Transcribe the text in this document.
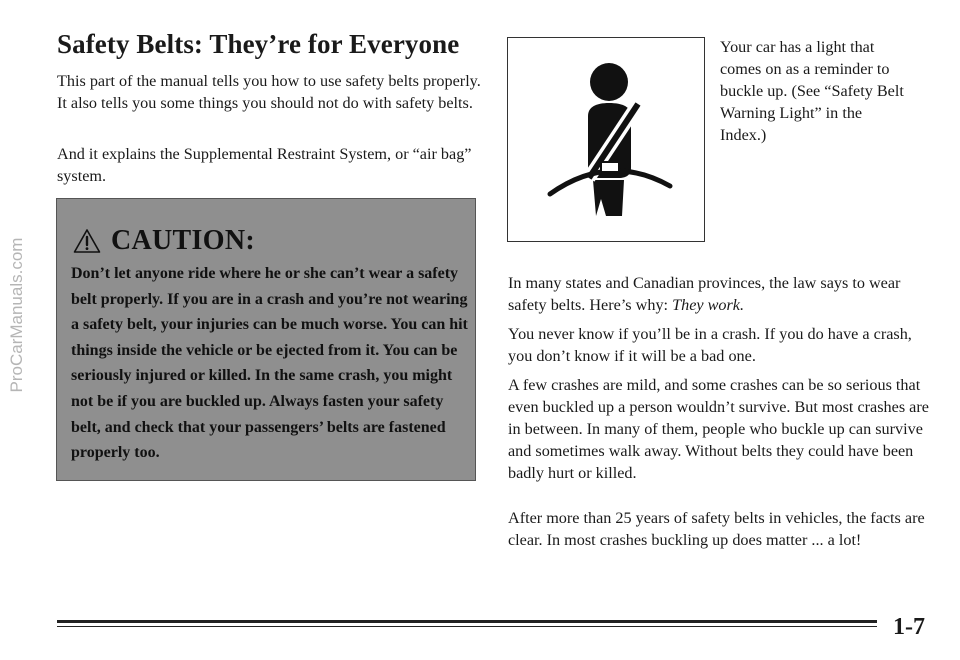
ProCarManuals.com
Safety Belts: They’re for Everyone

This part of the manual tells you how to use safety belts properly. It also tells you some things you should not do with safety belts.

And it explains the Supplemental Restraint System, or “air bag” system.

CAUTION:

Don’t let anyone ride where he or she can’t wear a safety belt properly. If you are in a crash and you’re not wearing a safety belt, your injuries can be much worse. You can hit things inside the vehicle or be ejected from it. You can be seriously injured or killed. In the same crash, you might not be if you are buckled up. Always fasten your safety belt, and check that your passengers’ belts are fastened properly too.

Your car has a light that comes on as a reminder to buckle up. (See “Safety Belt Warning Light” in the Index.)

In many states and Canadian provinces, the law says to wear safety belts. Here’s why: They work.

You never know if you’ll be in a crash. If you do have a crash, you don’t know if it will be a bad one.

A few crashes are mild, and some crashes can be so serious that even buckled up a person wouldn’t survive. But most crashes are in between. In many of them, people who buckle up can survive and sometimes walk away. Without belts they could have been badly hurt or killed.

After more than 25 years of safety belts in vehicles, the facts are clear. In most crashes buckling up does matter ... a lot!

1-7
